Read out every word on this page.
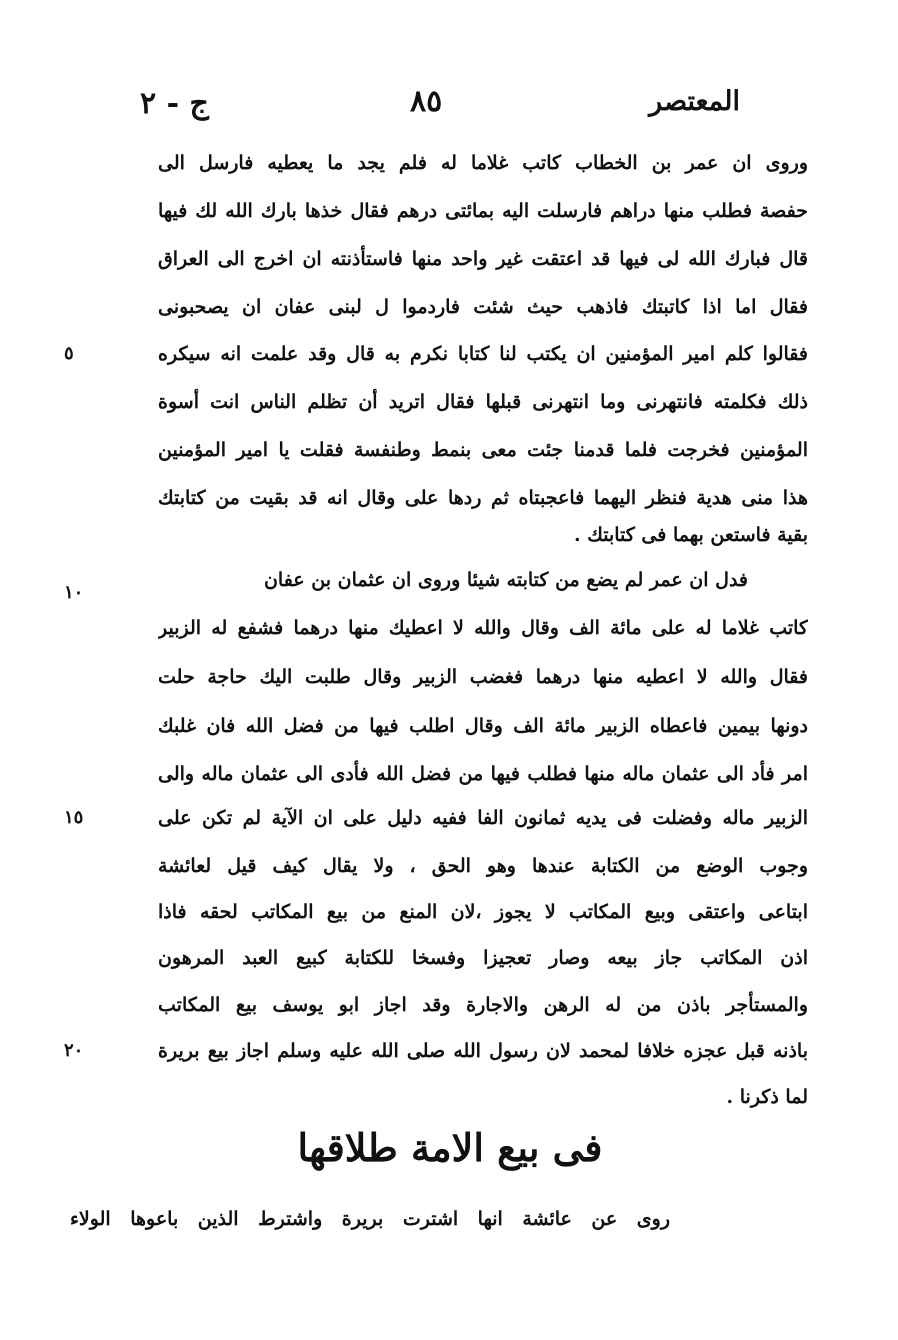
المعتصر
٨٥
ج - ٢
وروى ان عمر بن الخطاب كاتب غلاما له فلم يجد ما يعطيه فارسل الى
حفصة فطلب منها دراهم فارسلت اليه بمائتى درهم فقال خذها بارك الله لك فيها
قال فبارك الله لى فيها قد اعتقت غير واحد منها فاستأذنته ان اخرج الى العراق
فقال اما اذا كاتبتك فاذهب حيث شئت فاردموا ل لبنى عفان ان يصحبونى
فقالوا كلم امير المؤمنين ان يكتب لنا كتابا نكرم به قال وقد علمت انه سيكره
٥
ذلك فكلمته فانتهرنى وما انتهرنى قبلها فقال اتريد أن تظلم الناس انت أسوة
المؤمنين فخرجت فلما قدمنا جئت معى بنمط وطنفسة فقلت يا امير المؤمنين
هذا منى هدية فنظر اليهما فاعجبتاه ثم ردها على وقال انه قد بقيت من كتابتك
بقية فاستعن بهما فى كتابتك .
فدل ان عمر لم يضع من كتابته شيئا وروى ان عثمان بن عفان
١٠
كاتب غلاما له على مائة الف وقال والله لا اعطيك منها درهما فشفع له الزبير
فقال والله لا اعطيه منها درهما فغضب الزبير وقال طلبت اليك حاجة حلت
دونها بيمين فاعطاه الزبير مائة الف وقال اطلب فيها من فضل الله فان غلبك
امر فأد الى عثمان ماله منها فطلب فيها من فضل الله فأدى الى عثمان ماله والى
الزبير ماله وفضلت فى يديه ثمانون الفا ففيه دليل على ان الآية لم تكن على
١٥
وجوب الوضع من الكتابة عندها وهو الحق ، ولا يقال كيف قيل لعائشة
ابتاعى واعتقى وبيع المكاتب لا يجوز ،لان المنع من بيع المكاتب لحقه فاذا
اذن المكاتب جاز بيعه وصار تعجيزا وفسخا للكتابة كبيع العبد المرهون
والمستأجر باذن من له الرهن والاجارة وقد اجاز ابو يوسف بيع المكاتب
باذنه قبل عجزه خلافا لمحمد لان رسول الله صلى الله عليه وسلم اجاز بيع بريرة
٢٠
لما ذكرنا .
فى بيع الامة طلاقها
روى عن عائشة انها اشترت بريرة واشترط الذين باعوها الولاء
